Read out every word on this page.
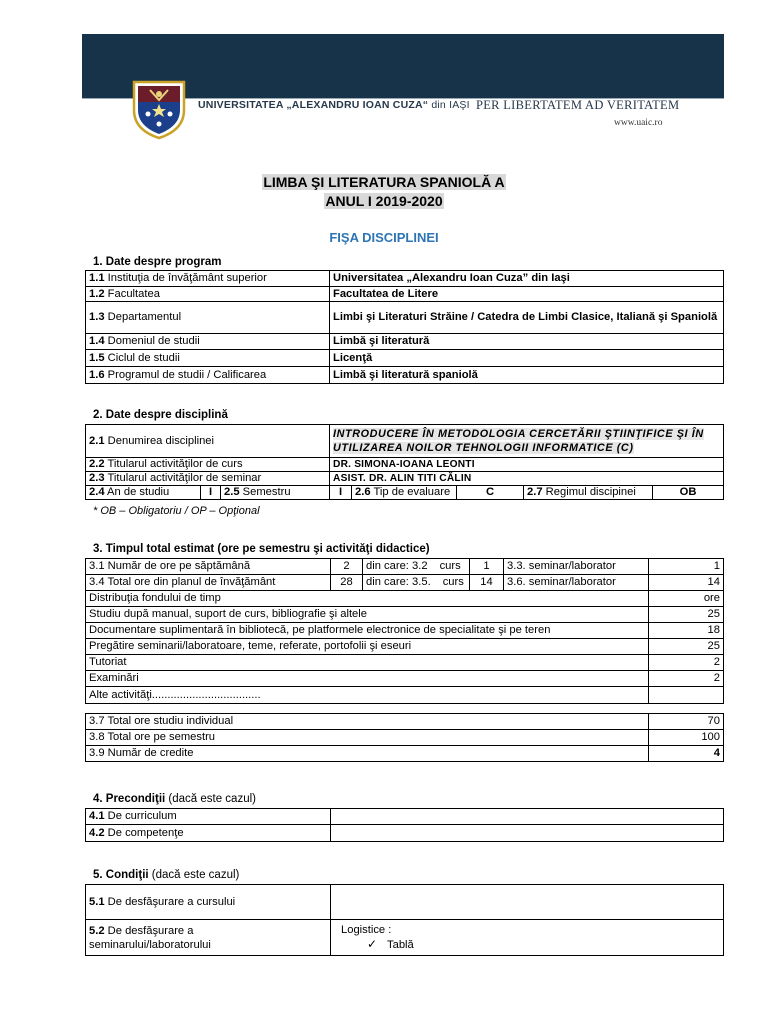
UNIVERSITATEA „ALEXANDRU IOAN CUZA“ din IAŞI PER LIBERTATEM AD VERITATEM
www.uaic.ro
LIMBA ŞI LITERATURA SPANIOLĂ A
ANUL I 2019-2020
FIŞA DISCIPLINEI
1. Date despre program
1.1 Instituţia de învăţământ superior	Universitatea „Alexandru Ioan Cuza” din Iaşi
1.2 Facultatea	Facultatea de Litere
1.3 Departamentul	Limbi şi Literaturi Străine / Catedra de Limbi Clasice, Italiană şi Spaniolă
1.4 Domeniul de studii	Limbă şi literatură
1.5 Ciclul de studii	Licenţă
1.6 Programul de studii / Calificarea	Limbă şi literatură spaniolă
2. Date despre disciplină
2.1 Denumirea disciplinei			INTRODUCERE ÎN METODOLOGIA CERCETĂRII ŞTIINŢIFICE ŞI ÎN UTILIZAREA NOILOR TEHNOLOGII INFORMATICE (C)				
2.2 Titularul activităţilor de curs			DR. SIMONA-IOANA LEONTI				
2.3 Titularul activităţilor de seminar			ASIST. DR. ALIN TITI CĂLIN				
2.4 An de studiu	I	2.5 Semestru	I	2.6 Tip de evaluare	C	2.7 Regimul discipinei	OB
* OB – Obligatoriu / OP – Opţional
3. Timpul total estimat (ore pe semestru şi activităţi didactice)
3.1 Număr de ore pe săptămână	2	din care: 3.2 curs	1	3.3. seminar/laborator	1
3.4 Total ore din planul de învăţământ	28	din care: 3.5. curs	14	3.6. seminar/laborator	14
Distribuţia fondului de timp					ore
Studiu după manual, suport de curs, bibliografie şi altele					25
Documentare suplimentară în bibliotecă, pe platformele electronice de specialitate şi pe teren					18
Pregătire seminarii/laboratoare, teme, referate, portofolii şi eseuri					25
Tutoriat					2
Examinări					2
Alte activităţi...................................					
3.7 Total ore studiu individual	70
3.8 Total ore pe semestru	100
3.9 Număr de credite	4
4. Precondiţii (dacă este cazul)
4.1 De curriculum	
4.2 De competenţe	
5. Condiţii (dacă este cazul)
5.1 De desfăşurare a cursului	
5.2 De desfăşurare a
seminarului/laboratorului	Logistice :
✓ Tablă
